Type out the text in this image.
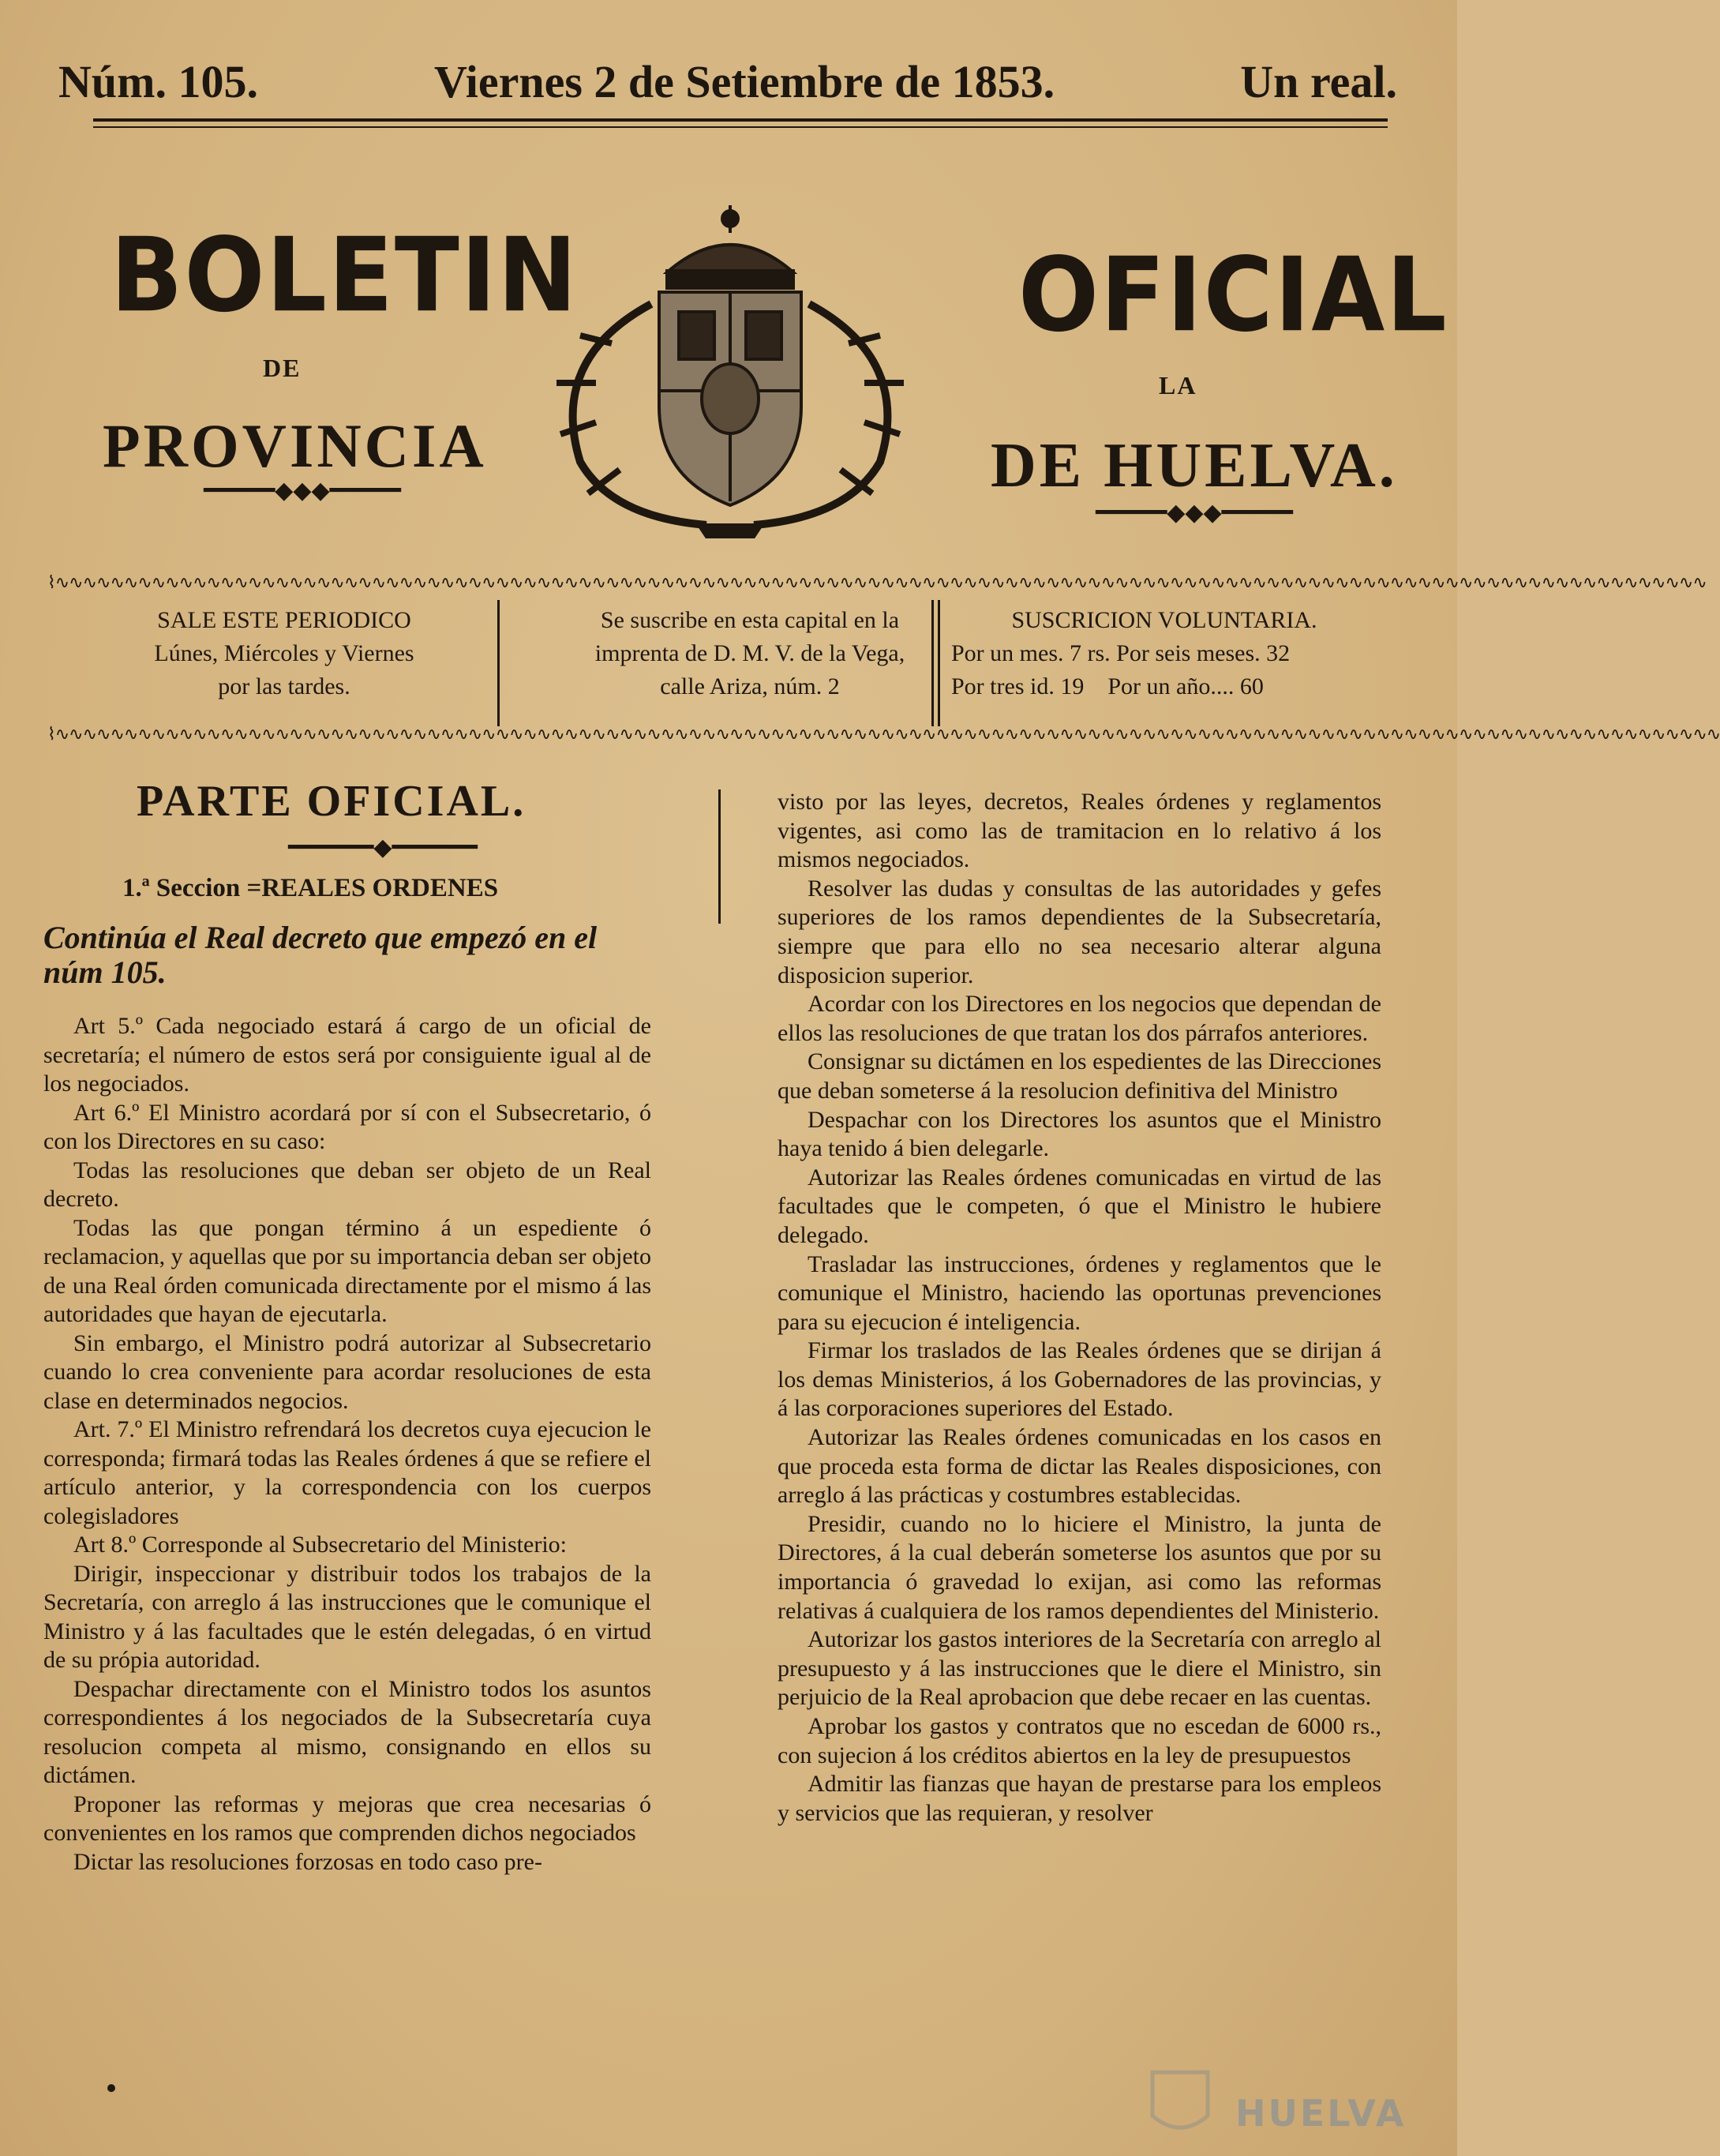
Núm. 105.	Viernes 2 de Setiembre de 1853.	Un real.
BOLETIN
DE
PROVINCIA
━━━━━◆◆◆━━━━━
OFICIAL
LA
DE HUELVA.
━━━━━◆◆◆━━━━━
⌇∿∿∿∿∿∿∿∿∿∿∿∿∿∿∿∿∿∿∿∿∿∿∿∿∿∿∿∿∿∿∿∿∿∿∿∿∿∿∿∿∿∿∿∿∿∿∿∿∿∿∿∿∿∿∿∿∿∿∿∿∿∿∿∿∿∿∿∿∿∿∿∿∿∿∿∿∿∿∿∿∿∿∿∿∿∿∿∿∿∿∿∿∿∿∿∿∿∿∿∿∿∿∿∿∿∿∿∿∿∿∿∿∿∿∿∿∿∿∿∿
SALE ESTE PERIODICO
Lúnes, Miércoles y Viernes
por las tardes.
Se suscribe en esta capital en la
imprenta de D. M. V. de la Vega,
calle Ariza, núm. 2
SUSCRICION VOLUNTARIA.
Por un mes. 7 rs. Por seis meses. 32
Por tres id. 19    Por un año.... 60
⌇∿∿∿∿∿∿∿∿∿∿∿∿∿∿∿∿∿∿∿∿∿∿∿∿∿∿∿∿∿∿∿∿∿∿∿∿∿∿∿∿∿∿∿∿∿∿∿∿∿∿∿∿∿∿∿∿∿∿∿∿∿∿∿∿∿∿∿∿∿∿∿∿∿∿∿∿∿∿∿∿∿∿∿∿∿∿∿∿∿∿∿∿∿∿∿∿∿∿∿∿∿∿∿∿∿∿∿∿∿∿∿∿∿∿∿∿∿∿∿∿∿
PARTE OFICIAL.
━━━━━━◆━━━━━━
1.ª Seccion =REALES ORDENES
Continúa el Real decreto que empezó en el núm 105.

Art 5.º Cada negociado estará á cargo de un oficial de secretaría; el número de estos será por consiguiente igual al de los negociados.

Art 6.º El Ministro acordará por sí con el Subsecretario, ó con los Directores en su caso:

Todas las resoluciones que deban ser objeto de un Real decreto.

Todas las que pongan término á un espediente ó reclamacion, y aquellas que por su importancia deban ser objeto de una Real órden comunicada directamente por el mismo á las autoridades que hayan de ejecutarla.

Sin embargo, el Ministro podrá autorizar al Subsecretario cuando lo crea conveniente para acordar resoluciones de esta clase en determinados negocios.

Art. 7.º El Ministro refrendará los decretos cuya ejecucion le corresponda; firmará todas las Reales órdenes á que se refiere el artículo anterior, y la correspondencia con los cuerpos colegisladores

Art 8.º Corresponde al Subsecretario del Ministerio:

Dirigir, inspeccionar y distribuir todos los trabajos de la Secretaría, con arreglo á las instrucciones que le comunique el Ministro y á las facultades que le estén delegadas, ó en virtud de su própia autoridad.

Despachar directamente con el Ministro todos los asuntos correspondientes á los negociados de la Subsecretaría cuya resolucion competa al mismo, consignando en ellos su dictámen.

Proponer las reformas y mejoras que crea necesarias ó convenientes en los ramos que comprenden dichos negociados

Dictar las resoluciones forzosas en todo caso pre-

visto por las leyes, decretos, Reales órdenes y reglamentos vigentes, asi como las de tramitacion en lo relativo á los mismos negociados.

Resolver las dudas y consultas de las autoridades y gefes superiores de los ramos dependientes de la Subsecretaría, siempre que para ello no sea necesario alterar alguna disposicion superior.

Acordar con los Directores en los negocios que dependan de ellos las resoluciones de que tratan los dos párrafos anteriores.

Consignar su dictámen en los espedientes de las Direcciones que deban someterse á la resolucion definitiva del Ministro

Despachar con los Directores los asuntos que el Ministro haya tenido á bien delegarle.

Autorizar las Reales órdenes comunicadas en virtud de las facultades que le competen, ó que el Ministro le hubiere delegado.

Trasladar las instrucciones, órdenes y reglamentos que le comunique el Ministro, haciendo las oportunas prevenciones para su ejecucion é inteligencia.

Firmar los traslados de las Reales órdenes que se dirijan á los demas Ministerios, á los Gobernadores de las provincias, y á las corporaciones superiores del Estado.

Autorizar las Reales órdenes comunicadas en los casos en que proceda esta forma de dictar las Reales disposiciones, con arreglo á las prácticas y costumbres establecidas.

Presidir, cuando no lo hiciere el Ministro, la junta de Directores, á la cual deberán someterse los asuntos que por su importancia ó gravedad lo exijan, asi como las reformas relativas á cualquiera de los ramos dependientes del Ministerio.

Autorizar los gastos interiores de la Secretaría con arreglo al presupuesto y á las instrucciones que le diere el Ministro, sin perjuicio de la Real aprobacion que debe recaer en las cuentas.

Aprobar los gastos y contratos que no escedan de 6000 rs., con sujecion á los créditos abiertos en la ley de presupuestos

Admitir las fianzas que hayan de prestarse para los empleos y servicios que las requieran, y resolver

HUELVA
